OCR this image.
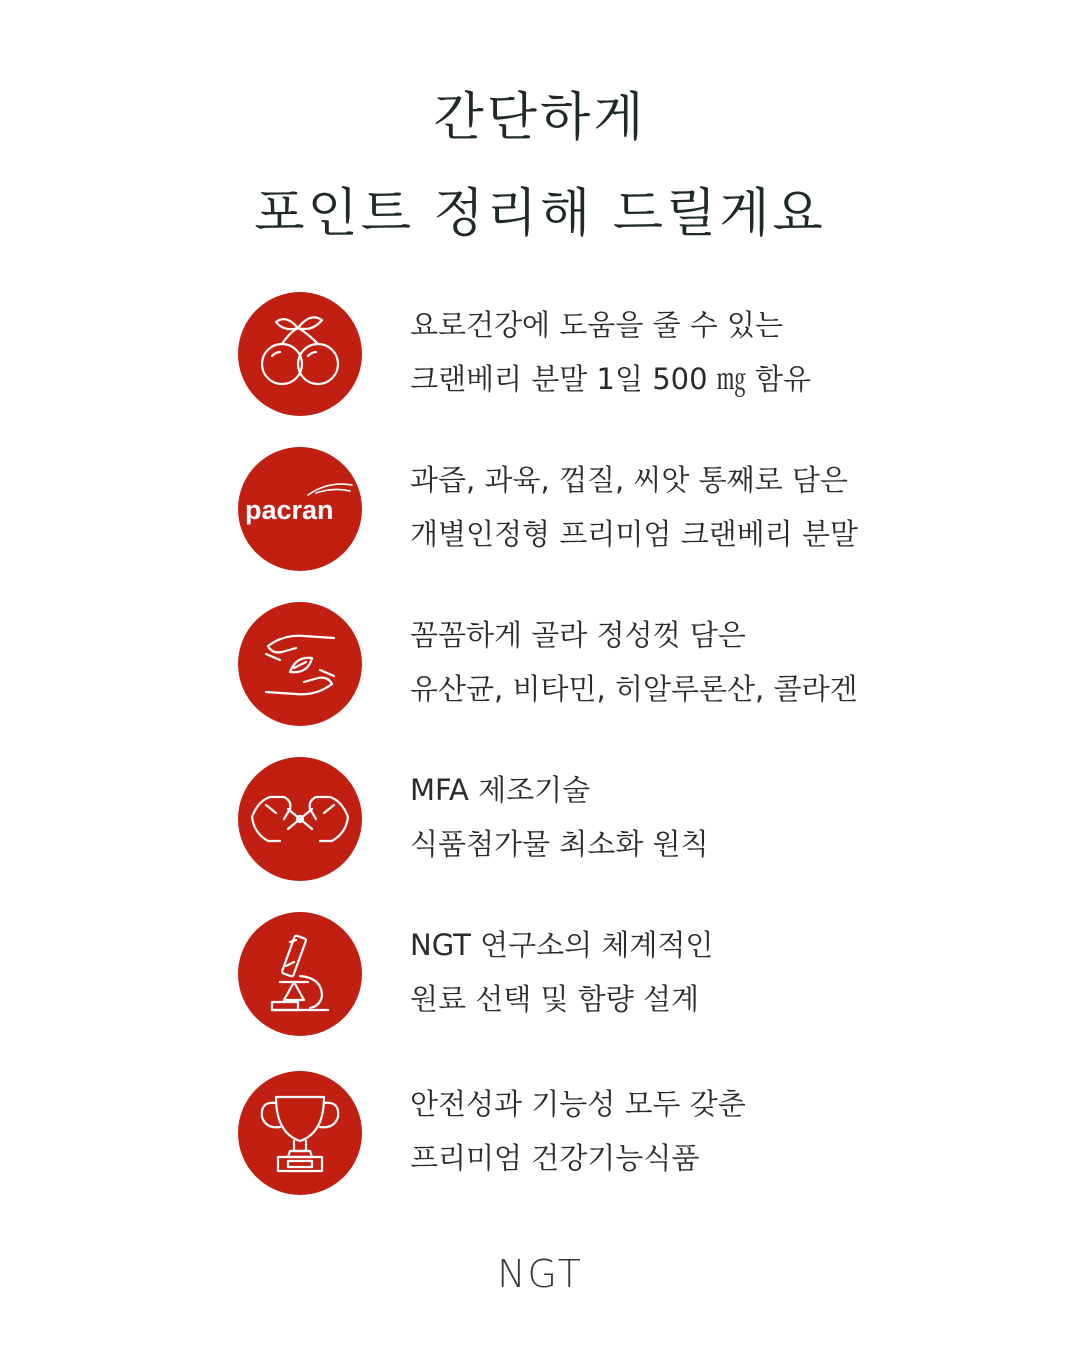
간단하게
포인트 정리해 드릴게요
요로건강에 도움을 줄 수 있는
크랜베리 분말 1일 500 ㎎ 함유
pacran
과즙, 과육, 껍질, 씨앗 통째로 담은
개별인정형 프리미엄 크랜베리 분말
꼼꼼하게 골라 정성껏 담은
유산균, 비타민, 히알루론산, 콜라겐
MFA 제조기술
식품첨가물 최소화 원칙
NGT 연구소의 체계적인
원료 선택 및 함량 설계
안전성과 기능성 모두 갖춘
프리미엄 건강기능식품
NGT
